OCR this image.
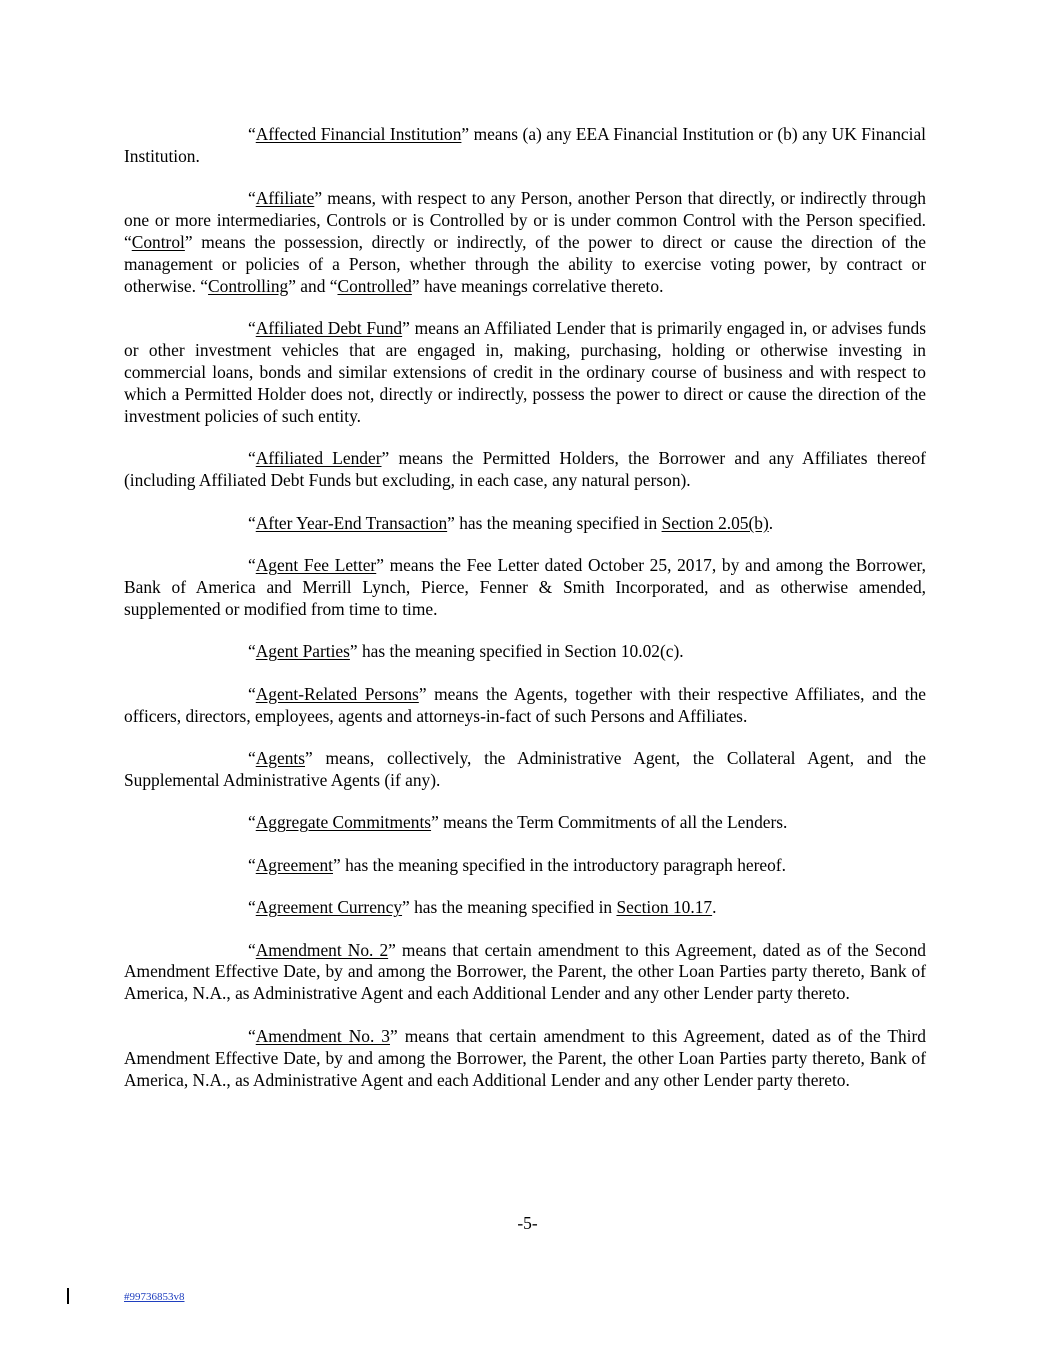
“Affected Financial Institution” means (a) any EEA Financial Institution or (b) any UK Financial Institution.

“Affiliate” means, with respect to any Person, another Person that directly, or indirectly through one or more intermediaries, Controls or is Controlled by or is under common Control with the Person specified. “Control” means the possession, directly or indirectly, of the power to direct or cause the direction of the management or policies of a Person, whether through the ability to exercise voting power, by contract or otherwise. “Controlling” and “Controlled” have meanings correlative thereto.

“Affiliated Debt Fund” means an Affiliated Lender that is primarily engaged in, or advises funds or other investment vehicles that are engaged in, making, purchasing, holding or otherwise investing in commercial loans, bonds and similar extensions of credit in the ordinary course of business and with respect to which a Permitted Holder does not, directly or indirectly, possess the power to direct or cause the direction of the investment policies of such entity.

“Affiliated Lender” means the Permitted Holders, the Borrower and any Affiliates thereof (including Affiliated Debt Funds but excluding, in each case, any natural person).

“After Year-End Transaction” has the meaning specified in Section 2.05(b).

“Agent Fee Letter” means the Fee Letter dated October 25, 2017, by and among the Borrower, Bank of America and Merrill Lynch, Pierce, Fenner & Smith Incorporated, and as otherwise amended, supplemented or modified from time to time.

“Agent Parties” has the meaning specified in Section 10.02(c).

“Agent-Related Persons” means the Agents, together with their respective Affiliates, and the officers, directors, employees, agents and attorneys-in-fact of such Persons and Affiliates.

“Agents” means, collectively, the Administrative Agent, the Collateral Agent, and the Supplemental Administrative Agents (if any).

“Aggregate Commitments” means the Term Commitments of all the Lenders.

“Agreement” has the meaning specified in the introductory paragraph hereof.

“Agreement Currency” has the meaning specified in Section 10.17.

“Amendment No. 2” means that certain amendment to this Agreement, dated as of the Second Amendment Effective Date, by and among the Borrower, the Parent, the other Loan Parties party thereto, Bank of America, N.A., as Administrative Agent and each Additional Lender and any other Lender party thereto.

“Amendment No. 3” means that certain amendment to this Agreement, dated as of the Third Amendment Effective Date, by and among the Borrower, the Parent, the other Loan Parties party thereto, Bank of America, N.A., as Administrative Agent and each Additional Lender and any other Lender party thereto.

-5-
#99736853v8
